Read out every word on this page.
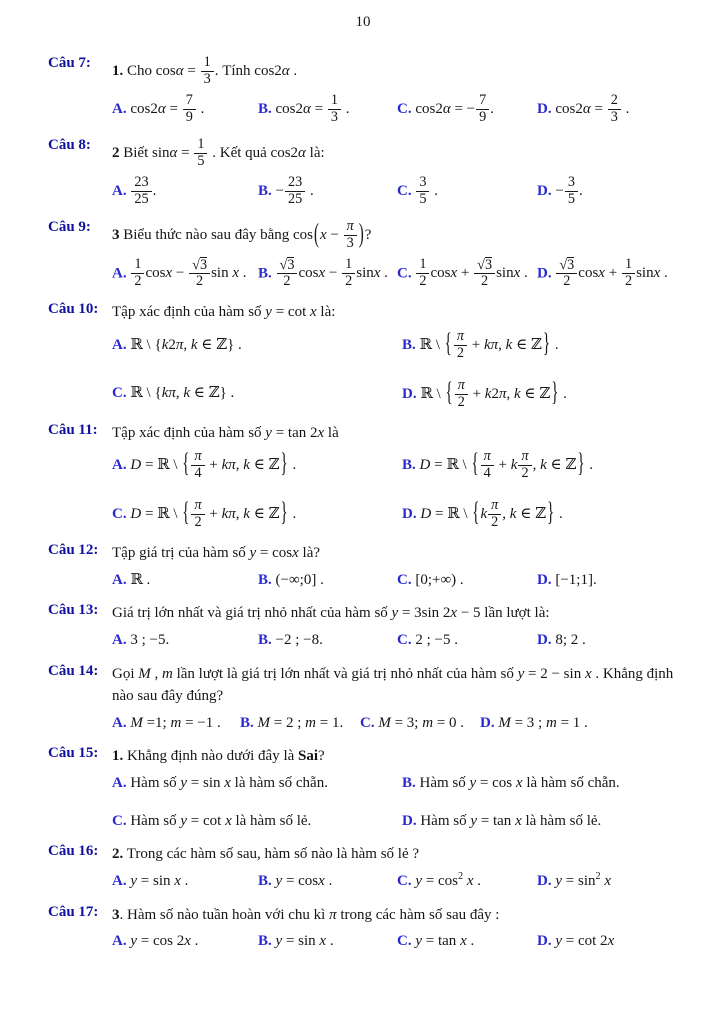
10
Câu 7:	1. Cho $\cos\alpha = \frac{1}{3}$ . Tính cos2α .

A. $\cos 2\alpha = \frac{7}{9}$ .	B. $\cos 2\alpha = \frac{1}{3}$ .	C. cos2α = − $\frac{7}{9}$ .	D. $\cos 2\alpha = \frac{2}{3}$ .
Câu 8:	2 Biết $\sin\alpha = \frac{1}{5}$ . Kết quả cos2α là:

A. $\frac{23}{25}$ .	B. − $\frac{23}{25}$ .	C. $\frac{3}{5}$ .	D. − $\frac{3}{5}$ .
Câu 9:	3 Biểu thức nào sau đây bằng $\cos(x - \frac{\pi}{3}$ )?

A. $\frac{1}{2}$ $\cos x - \frac{√3}{2}$ sin x . B. $\frac{√3}{2}$ $\cos x - \frac{1}{2}$ sinx . C. $\frac{1}{2}$ $\cos x + \frac{√3}{2}$ sinx . D. $\frac{√3}{2}$ $\cos x + \frac{1}{2}$ sinx .
Câu 10: Tập xác định của hàm số y = cot x là:

A. ℝ \ {k2π, k ∈ ℤ} .	B. ℝ \ { $\frac{\pi}{2} + k\pi$, k ∈ ℤ} .
C. ℝ \ {kπ, k ∈ ℤ} .	D. ℝ \ { $\frac{\pi}{2} + k2\pi$, k ∈ ℤ} .
Câu 11: Tập xác định của hàm số y = tan 2x là

A. D = ℝ \ { $\frac{\pi}{4} + k\pi$, k ∈ ℤ} .	B. D = ℝ \ { $\frac{\pi}{4} + k \frac{\pi}{2}$ , k ∈ ℤ} .
C. D = ℝ \ { $\frac{\pi}{2} + k\pi$, k ∈ ℤ} .	D. D = ℝ \ {$k \frac{\pi}{2}$ , k ∈ ℤ} .
Câu 12: Tập giá trị của hàm số y = cosx là?

A. ℝ .	B. (−∞;0] .	C. [0;+∞) .	D. [−1;1].
Câu 13: Giá trị lớn nhất và giá trị nhỏ nhất của hàm số y = 3sin 2x − 5 lần lượt là:

A. 3 ; −5.	B. −2 ; −8.	C. 2 ; −5 .	D. 8; 2 .
Câu 14: Gọi M , m lần lượt là giá trị lớn nhất và giá trị nhỏ nhất của hàm số y = 2 − sin x . Khẳng định nào sau đây đúng?

A. M =1; m = −1 .	B. M = 2 ; m = 1.	C. M = 3; m = 0 .	D. M = 3 ; m = 1 .
Câu 15: 1. Khẳng định nào dưới đây là Sai?

A. Hàm số y = sin x là hàm số chẵn.	B. Hàm số y = cos x là hàm số chẵn.
C. Hàm số y = cot x là hàm số lẻ.	D. Hàm số y = tan x là hàm số lẻ.
Câu 16: 2. Trong các hàm số sau, hàm số nào là hàm số lẻ ?

A. y = sin x .	B. y = cosx .	C. $y = \cos^2 x$ .	D. $y = \sin^2 x$
Câu 17: 3. Hàm số nào tuần hoàn với chu kì π trong các hàm số sau đây :

A. y = cos 2x .	B. y = sin x .	C. y = tan x .	D. y = cot 2x
